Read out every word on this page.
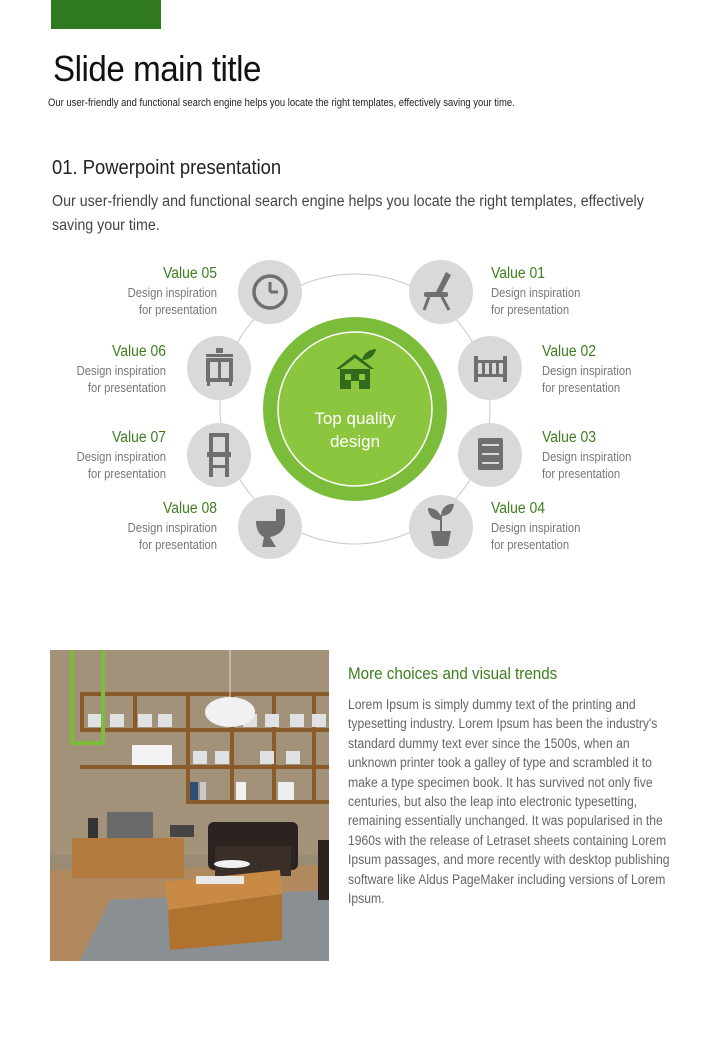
Slide main title
Our user-friendly and functional search engine helps you locate the right templates, effectively saving your time.
01. Powerpoint presentation
Our user-friendly and functional search engine helps you locate the right templates, effectively saving your time.
Top quality
design
Value 01
Design inspiration
for presentation
Value 02
Design inspiration
for presentation
Value 03
Design inspiration
for presentation
Value 04
Design inspiration
for presentation
Value 05
Design inspiration
for presentation
Value 06
Design inspiration
for presentation
Value 07
Design inspiration
for presentation
Value 08
Design inspiration
for presentation
More choices and visual trends
Lorem Ipsum is simply dummy text of the printing and typesetting industry. Lorem Ipsum has been the industry's standard dummy text ever since the 1500s, when an unknown printer took a galley of type and scrambled it to make a type specimen book. It has survived not only five centuries, but also the leap into electronic typesetting, remaining essentially unchanged. It was popularised in the 1960s with the release of Letraset sheets containing Lorem Ipsum passages, and more recently with desktop publishing software like Aldus PageMaker including versions of Lorem Ipsum.
